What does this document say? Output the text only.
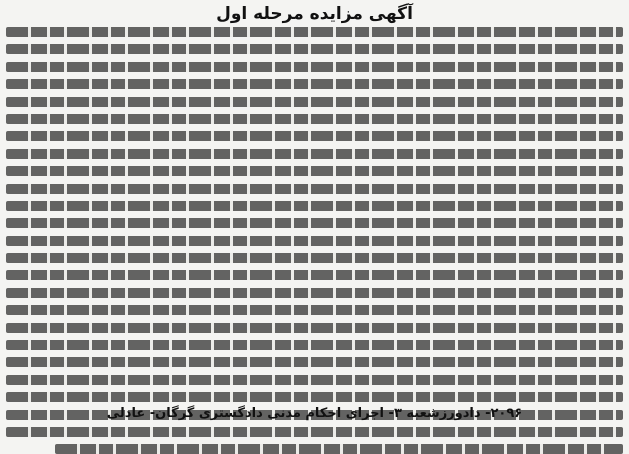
آگهی مزایده مرحله اول
۲۰۹۶- دادورزشعبه ۳- اجرای احکام مدنی دادگستری گرگان- عادلی
